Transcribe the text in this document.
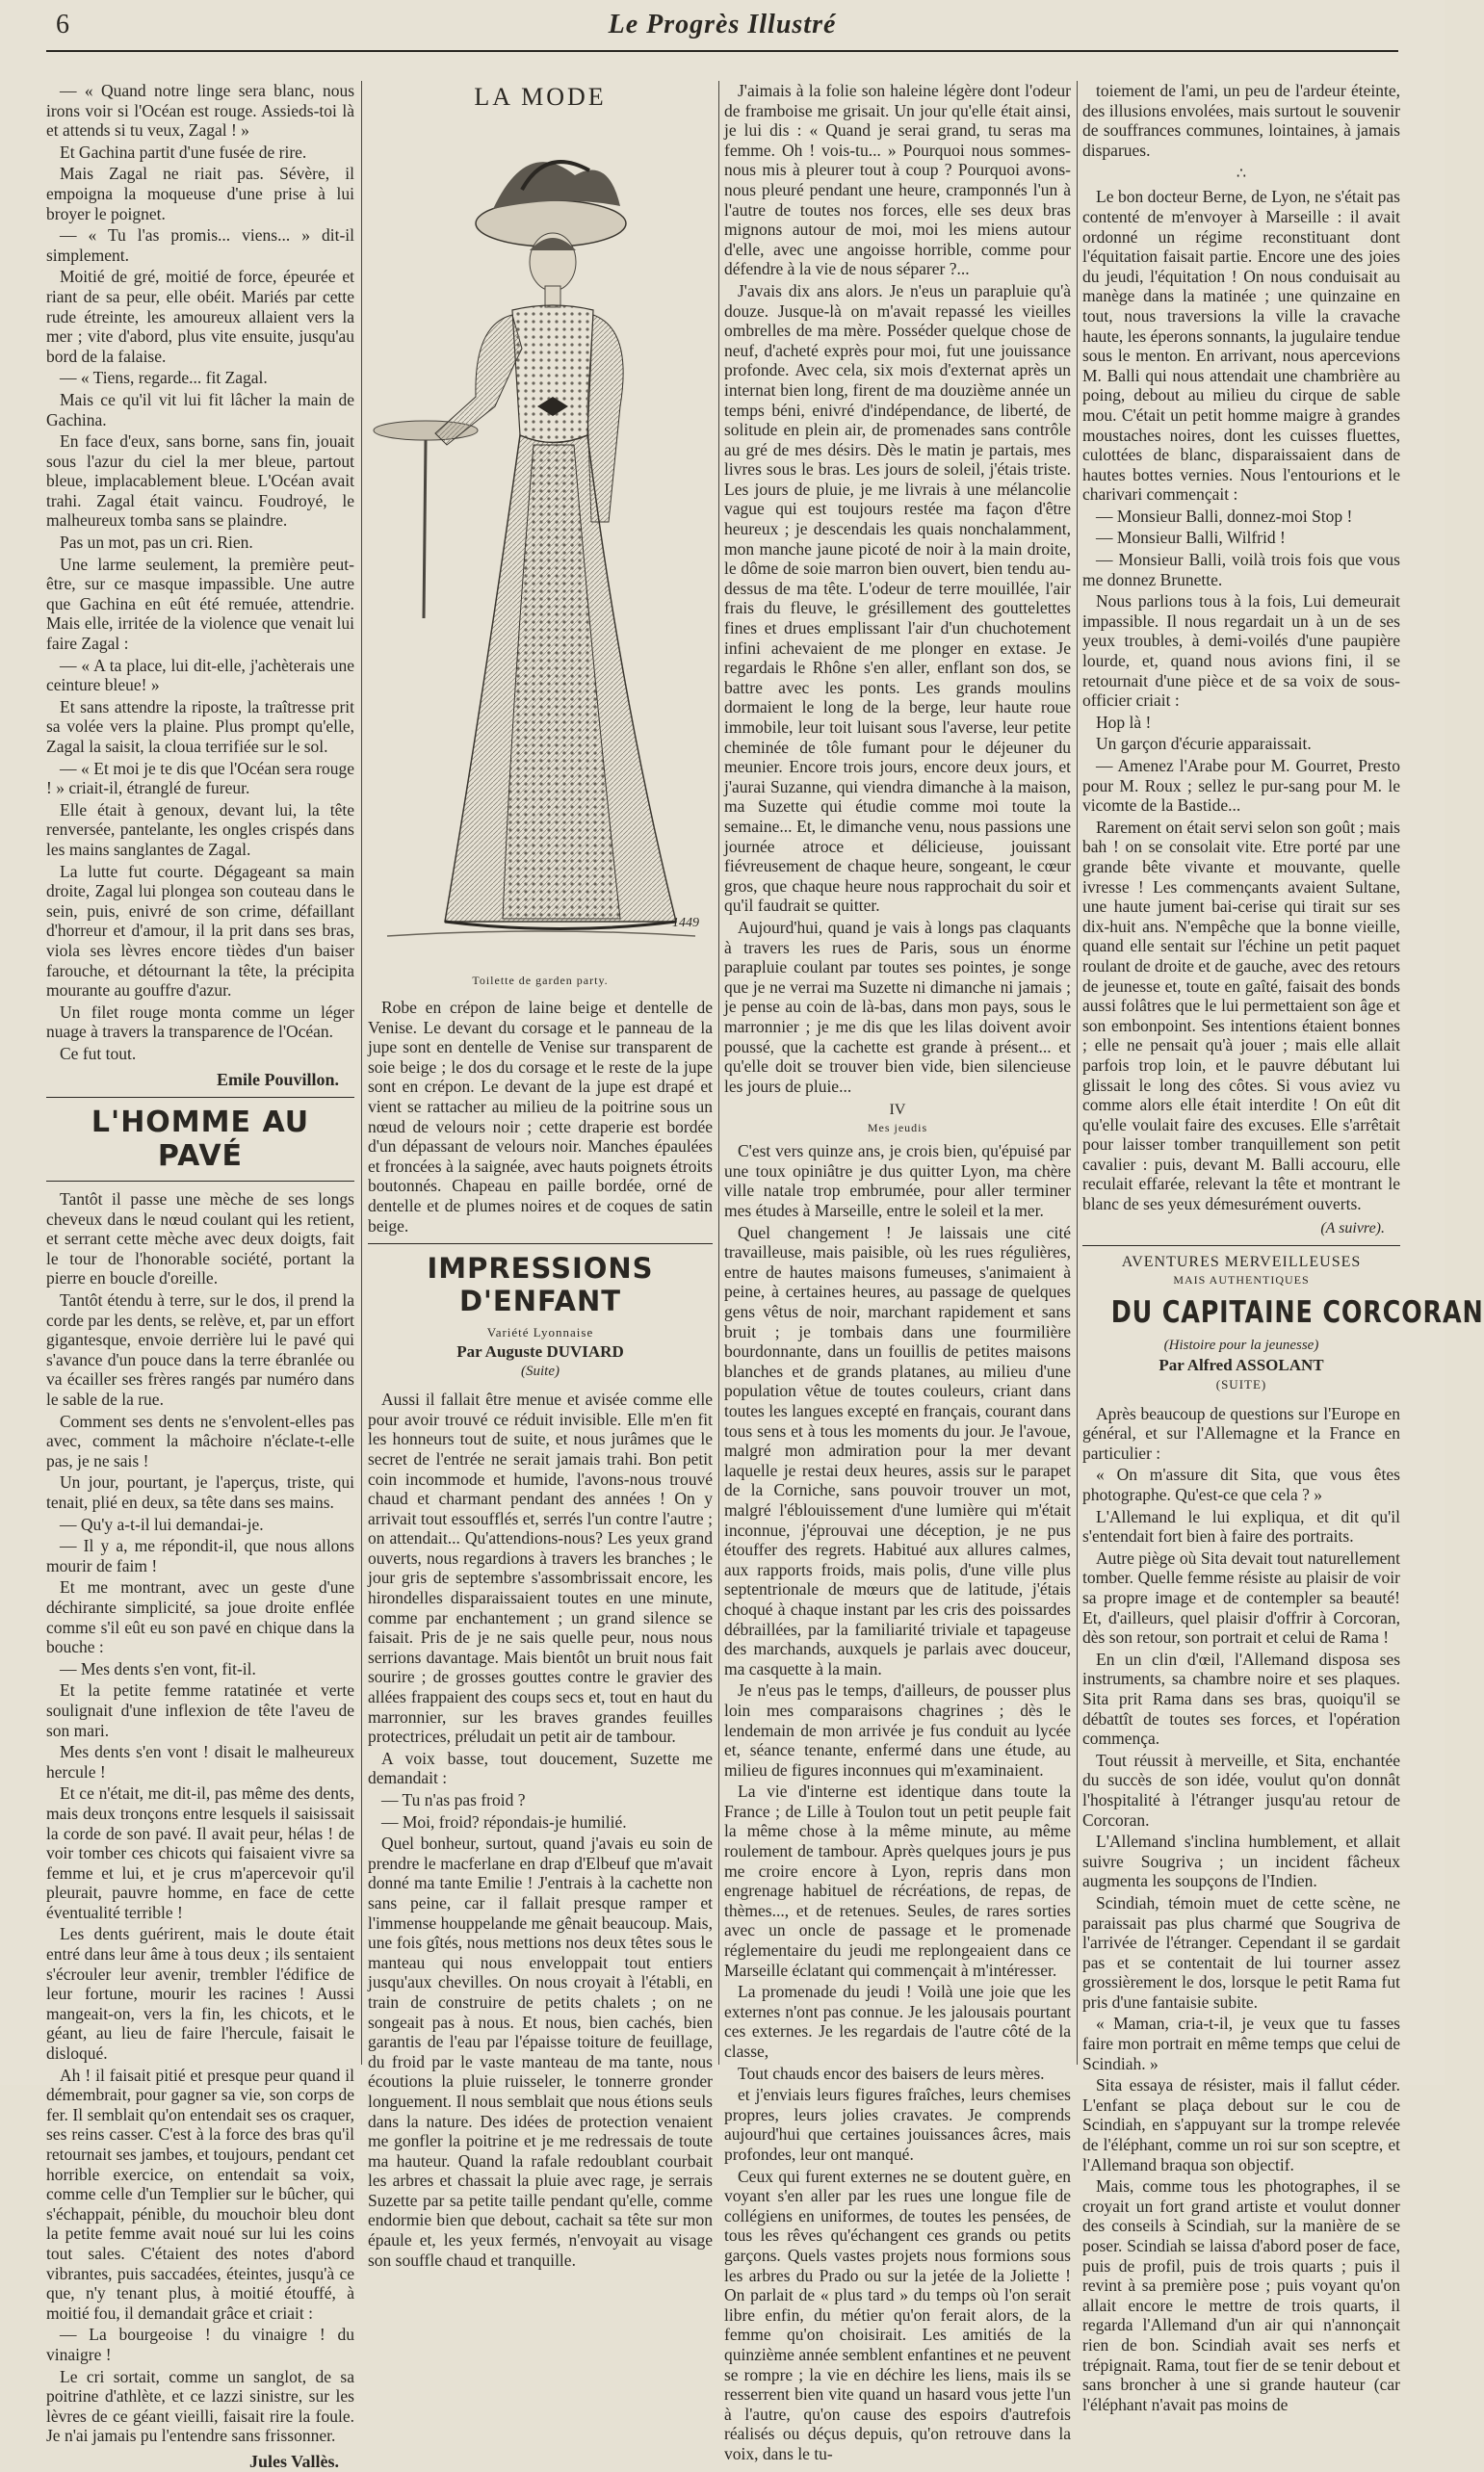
6	Le Progrès Illustré

— « Quand notre linge sera blanc, nous irons voir si l'Océan est rouge. Assieds-toi là et attends si tu veux, Zagal ! »

Et Gachina partit d'une fusée de rire.

Mais Zagal ne riait pas. Sévère, il empoigna la moqueuse d'une prise à lui broyer le poignet.

— « Tu l'as promis... viens... » dit-il simplement.

Moitié de gré, moitié de force, épeurée et riant de sa peur, elle obéit. Mariés par cette rude étreinte, les amoureux allaient vers la mer ; vite d'abord, plus vite ensuite, jusqu'au bord de la falaise.

— « Tiens, regarde... fit Zagal.

Mais ce qu'il vit lui fit lâcher la main de Gachina.

En face d'eux, sans borne, sans fin, jouait sous l'azur du ciel la mer bleue, partout bleue, implacablement bleue. L'Océan avait trahi. Zagal était vaincu. Foudroyé, le malheureux tomba sans se plaindre.

Pas un mot, pas un cri. Rien.

Une larme seulement, la première peut-être, sur ce masque impassible. Une autre que Gachina en eût été remuée, attendrie. Mais elle, irritée de la violence que venait lui faire Zagal :

— « A ta place, lui dit-elle, j'achèterais une ceinture bleue! »

Et sans attendre la riposte, la traîtresse prit sa volée vers la plaine. Plus prompt qu'elle, Zagal la saisit, la cloua terrifiée sur le sol.

— « Et moi je te dis que l'Océan sera rouge ! » criait-il, étranglé de fureur.

Elle était à genoux, devant lui, la tête renversée, pantelante, les ongles crispés dans les mains sanglantes de Zagal.

La lutte fut courte. Dégageant sa main droite, Zagal lui plongea son couteau dans le sein, puis, enivré de son crime, défaillant d'horreur et d'amour, il la prit dans ses bras, viola ses lèvres encore tièdes d'un baiser farouche, et détournant la tête, la précipita mourante au gouffre d'azur.

Un filet rouge monta comme un léger nuage à travers la transparence de l'Océan.

Ce fut tout.

Emile Pouvillon.

L'HOMME AU PAVÉ

Tantôt il passe une mèche de ses longs cheveux dans le nœud coulant qui les retient, et serrant cette mèche avec deux doigts, fait le tour de l'honorable société, portant la pierre en boucle d'oreille.

Tantôt étendu à terre, sur le dos, il prend la corde par les dents, se relève, et, par un effort gigantesque, envoie derrière lui le pavé qui s'avance d'un pouce dans la terre ébranlée ou va écailler ses frères rangés par numéro dans le sable de la rue.

Comment ses dents ne s'envolent-elles pas avec, comment la mâchoire n'éclate-t-elle pas, je ne sais !

Un jour, pourtant, je l'aperçus, triste, qui tenait, plié en deux, sa tête dans ses mains.

— Qu'y a-t-il lui demandai-je.

— Il y a, me répondit-il, que nous allons mourir de faim !

Et me montrant, avec un geste d'une déchirante simplicité, sa joue droite enflée comme s'il eût eu son pavé en chique dans la bouche :

— Mes dents s'en vont, fit-il.

Et la petite femme ratatinée et verte soulignait d'une inflexion de tête l'aveu de son mari.

Mes dents s'en vont ! disait le malheureux hercule !

Et ce n'était, me dit-il, pas même des dents, mais deux tronçons entre lesquels il saisissait la corde de son pavé. Il avait peur, hélas ! de voir tomber ces chicots qui faisaient vivre sa femme et lui, et je crus m'apercevoir qu'il pleurait, pauvre homme, en face de cette éventualité terrible !

Les dents guérirent, mais le doute était entré dans leur âme à tous deux ; ils sentaient s'écrouler leur avenir, trembler l'édifice de leur fortune, mourir les racines ! Aussi mangeait-on, vers la fin, les chicots, et le géant, au lieu de faire l'hercule, faisait le disloqué.

Ah ! il faisait pitié et presque peur quand il démembrait, pour gagner sa vie, son corps de fer. Il semblait qu'on entendait ses os craquer, ses reins casser. C'est à la force des bras qu'il retournait ses jambes, et toujours, pendant cet horrible exercice, on entendait sa voix, comme celle d'un Templier sur le bûcher, qui s'échappait, pénible, du mouchoir bleu dont la petite femme avait noué sur lui les coins tout sales. C'étaient des notes d'abord vibrantes, puis saccadées, éteintes, jusqu'à ce que, n'y tenant plus, à moitié étouffé, à moitié fou, il demandait grâce et criait :

— La bourgeoise ! du vinaigre ! du vinaigre !

Le cri sortait, comme un sanglot, de sa poitrine d'athlète, et ce lazzi sinistre, sur les lèvres de ce géant vieilli, faisait rire la foule. Je n'ai jamais pu l'entendre sans frissonner.

Jules Vallès.

LA MODE
1449
Toilette de garden party.

Robe en crépon de laine beige et dentelle de Venise. Le devant du corsage et le panneau de la jupe sont en dentelle de Venise sur transparent de soie beige ; le dos du corsage et le reste de la jupe sont en crépon. Le devant de la jupe est drapé et vient se rattacher au milieu de la poitrine sous un nœud de velours noir ; cette draperie est bordée d'un dépassant de velours noir. Manches épaulées et froncées à la saignée, avec hauts poignets étroits boutonnés. Chapeau en paille bordée, orné de dentelle et de plumes noires et de coques de satin beige.

IMPRESSIONS D'ENFANT
Variété Lyonnaise
Par Auguste DUVIARD
(Suite)

Aussi il fallait être menue et avisée comme elle pour avoir trouvé ce réduit invisible. Elle m'en fit les honneurs tout de suite, et nous jurâmes que le secret de l'entrée ne serait jamais trahi. Bon petit coin incommode et humide, l'avons-nous trouvé chaud et charmant pendant des années ! On y arrivait tout essoufflés et, serrés l'un contre l'autre ; on attendait... Qu'attendions-nous? Les yeux grand ouverts, nous regardions à travers les branches ; le jour gris de septembre s'assombrissait encore, les hirondelles disparaissaient toutes en une minute, comme par enchantement ; un grand silence se faisait. Pris de je ne sais quelle peur, nous nous serrions davantage. Mais bientôt un bruit nous fait sourire ; de grosses gouttes contre le gravier des allées frappaient des coups secs et, tout en haut du marronnier, sur les braves grandes feuilles protectrices, préludait un petit air de tambour.

A voix basse, tout doucement, Suzette me demandait :

— Tu n'as pas froid ?

— Moi, froid? répondais-je humilié.

Quel bonheur, surtout, quand j'avais eu soin de prendre le macferlane en drap d'Elbeuf que m'avait donné ma tante Emilie ! J'entrais à la cachette non sans peine, car il fallait presque ramper et l'immense houppelande me gênait beaucoup. Mais, une fois gîtés, nous mettions nos deux têtes sous le manteau qui nous enveloppait tout entiers jusqu'aux chevilles. On nous croyait à l'établi, en train de construire de petits chalets ; on ne songeait pas à nous. Et nous, bien cachés, bien garantis de l'eau par l'épaisse toiture de feuillage, du froid par le vaste manteau de ma tante, nous écoutions la pluie ruisseler, le tonnerre gronder longuement. Il nous semblait que nous étions seuls dans la nature. Des idées de protection venaient me gonfler la poitrine et je me redressais de toute ma hauteur. Quand la rafale redoublant courbait les arbres et chassait la pluie avec rage, je serrais Suzette par sa petite taille pendant qu'elle, comme endormie bien que debout, cachait sa tête sur mon épaule et, les yeux fermés, n'envoyait au visage son souffle chaud et tranquille.

J'aimais à la folie son haleine légère dont l'odeur de framboise me grisait. Un jour qu'elle était ainsi, je lui dis : « Quand je serai grand, tu seras ma femme. Oh ! vois-tu... » Pourquoi nous sommes-nous mis à pleurer tout à coup ? Pourquoi avons-nous pleuré pendant une heure, cramponnés l'un à l'autre de toutes nos forces, elle ses deux bras mignons autour de moi, moi les miens autour d'elle, avec une angoisse horrible, comme pour défendre à la vie de nous séparer ?...

J'avais dix ans alors. Je n'eus un parapluie qu'à douze. Jusque-là on m'avait repassé les vieilles ombrelles de ma mère. Posséder quelque chose de neuf, d'acheté exprès pour moi, fut une jouissance profonde. Avec cela, six mois d'externat après un internat bien long, firent de ma douzième année un temps béni, enivré d'indépendance, de liberté, de solitude en plein air, de promenades sans contrôle au gré de mes désirs. Dès le matin je partais, mes livres sous le bras. Les jours de soleil, j'étais triste. Les jours de pluie, je me livrais à une mélancolie vague qui est toujours restée ma façon d'être heureux ; je descendais les quais nonchalamment, mon manche jaune picoté de noir à la main droite, le dôme de soie marron bien ouvert, bien tendu au-dessus de ma tête. L'odeur de terre mouillée, l'air frais du fleuve, le grésillement des gouttelettes fines et drues emplissant l'air d'un chuchotement infini achevaient de me plonger en extase. Je regardais le Rhône s'en aller, enflant son dos, se battre avec les ponts. Les grands moulins dormaient le long de la berge, leur haute roue immobile, leur toit luisant sous l'averse, leur petite cheminée de tôle fumant pour le déjeuner du meunier. Encore trois jours, encore deux jours, et j'aurai Suzanne, qui viendra dimanche à la maison, ma Suzette qui étudie comme moi toute la semaine... Et, le dimanche venu, nous passions une journée atroce et délicieuse, jouissant fiévreusement de chaque heure, songeant, le cœur gros, que chaque heure nous rapprochait du soir et qu'il faudrait se quitter.

Aujourd'hui, quand je vais à longs pas claquants à travers les rues de Paris, sous un énorme parapluie coulant par toutes ses pointes, je songe que je ne verrai ma Suzette ni dimanche ni jamais ; je pense au coin de là-bas, dans mon pays, sous le marronnier ; je me dis que les lilas doivent avoir poussé, que la cachette est grande à présent... et qu'elle doit se trouver bien vide, bien silencieuse les jours de pluie...

IV
Mes jeudis

C'est vers quinze ans, je crois bien, qu'épuisé par une toux opiniâtre je dus quitter Lyon, ma chère ville natale trop embrumée, pour aller terminer mes études à Marseille, entre le soleil et la mer.

Quel changement ! Je laissais une cité travailleuse, mais paisible, où les rues régulières, entre de hautes maisons fumeuses, s'animaient à peine, à certaines heures, au passage de quelques gens vêtus de noir, marchant rapidement et sans bruit ; je tombais dans une fourmilière bourdonnante, dans un fouillis de petites maisons blanches et de grands platanes, au milieu d'une population vêtue de toutes couleurs, criant dans toutes les langues excepté en français, courant dans tous sens et à tous les moments du jour. Je l'avoue, malgré mon admiration pour la mer devant laquelle je restai deux heures, assis sur le parapet de la Corniche, sans pouvoir trouver un mot, malgré l'éblouissement d'une lumière qui m'était inconnue, j'éprouvai une déception, je ne pus étouffer des regrets. Habitué aux allures calmes, aux rapports froids, mais polis, d'une ville plus septentrionale de mœurs que de latitude, j'étais choqué à chaque instant par les cris des poissardes débraillées, par la familiarité triviale et tapageuse des marchands, auxquels je parlais avec douceur, ma casquette à la main.

Je n'eus pas le temps, d'ailleurs, de pousser plus loin mes comparaisons chagrines ; dès le lendemain de mon arrivée je fus conduit au lycée et, séance tenante, enfermé dans une étude, au milieu de figures inconnues qui m'examinaient.

La vie d'interne est identique dans toute la France ; de Lille à Toulon tout un petit peuple fait la même chose à la même minute, au même roulement de tambour. Après quelques jours je pus me croire encore à Lyon, repris dans mon engrenage habituel de récréations, de repas, de thèmes..., et de retenues. Seules, de rares sorties avec un oncle de passage et le promenade réglementaire du jeudi me replongeaient dans ce Marseille éclatant qui commençait à m'intéresser.

La promenade du jeudi ! Voilà une joie que les externes n'ont pas connue. Je les jalousais pourtant ces externes. Je les regardais de l'autre côté de la classe,

Tout chauds encor des baisers de leurs mères.

et j'enviais leurs figures fraîches, leurs chemises propres, leurs jolies cravates. Je comprends aujourd'hui que certaines jouissances âcres, mais profondes, leur ont manqué.

Ceux qui furent externes ne se doutent guère, en voyant s'en aller par les rues une longue file de collégiens en uniformes, de toutes les pensées, de tous les rêves qu'échangent ces grands ou petits garçons. Quels vastes projets nous formions sous les arbres du Prado ou sur la jetée de la Joliette ! On parlait de « plus tard » du temps où l'on serait libre enfin, du métier qu'on ferait alors, de la femme qu'on choisirait. Les amitiés de la quinzième année semblent enfantines et ne peuvent se rompre ; la vie en déchire les liens, mais ils se resserrent bien vite quand un hasard vous jette l'un à l'autre, qu'on cause des espoirs d'autrefois réalisés ou déçus depuis, qu'on retrouve dans la voix, dans le tu-

toiement de l'ami, un peu de l'ardeur éteinte, des illusions envolées, mais surtout le souvenir de souffrances communes, lointaines, à jamais disparues.

∴

Le bon docteur Berne, de Lyon, ne s'était pas contenté de m'envoyer à Marseille : il avait ordonné un régime reconstituant dont l'équitation faisait partie. Encore une des joies du jeudi, l'équitation ! On nous conduisait au manège dans la matinée ; une quinzaine en tout, nous traversions la ville la cravache haute, les éperons sonnants, la jugulaire tendue sous le menton. En arrivant, nous apercevions M. Balli qui nous attendait une chambrière au poing, debout au milieu du cirque de sable mou. C'était un petit homme maigre à grandes moustaches noires, dont les cuisses fluettes, culottées de blanc, disparaissaient dans de hautes bottes vernies. Nous l'entourions et le charivari commençait :

— Monsieur Balli, donnez-moi Stop !

— Monsieur Balli, Wilfrid !

— Monsieur Balli, voilà trois fois que vous me donnez Brunette.

Nous parlions tous à la fois, Lui demeurait impassible. Il nous regardait un à un de ses yeux troubles, à demi-voilés d'une paupière lourde, et, quand nous avions fini, il se retournait d'une pièce et de sa voix de sous-officier criait :

Hop là !

Un garçon d'écurie apparaissait.

— Amenez l'Arabe pour M. Gourret, Presto pour M. Roux ; sellez le pur-sang pour M. le vicomte de la Bastide...

Rarement on était servi selon son goût ; mais bah ! on se consolait vite. Etre porté par une grande bête vivante et mouvante, quelle ivresse ! Les commençants avaient Sultane, une haute jument bai-cerise qui tirait sur ses dix-huit ans. N'empêche que la bonne vieille, quand elle sentait sur l'échine un petit paquet roulant de droite et de gauche, avec des retours de jeunesse et, toute en gaîté, faisait des bonds aussi folâtres que le lui permettaient son âge et son embonpoint. Ses intentions étaient bonnes ; elle ne pensait qu'à jouer ; mais elle allait parfois trop loin, et le pauvre débutant lui glissait le long des côtes. Si vous aviez vu comme alors elle était interdite ! On eût dit qu'elle voulait faire des excuses. Elle s'arrêtait pour laisser tomber tranquillement son petit cavalier : puis, devant M. Balli accouru, elle reculait effarée, relevant la tête et montrant le blanc de ses yeux démesurément ouverts.

(A suivre).
AVENTURES MERVEILLEUSES
MAIS AUTHENTIQUES
DU CAPITAINE CORCORAN
(Histoire pour la jeunesse)
Par Alfred ASSOLANT
(SUITE)

Après beaucoup de questions sur l'Europe en général, et sur l'Allemagne et la France en particulier :

« On m'assure dit Sita, que vous êtes photographe. Qu'est-ce que cela ? »

L'Allemand le lui expliqua, et dit qu'il s'entendait fort bien à faire des portraits.

Autre piège où Sita devait tout naturellement tomber. Quelle femme résiste au plaisir de voir sa propre image et de contempler sa beauté! Et, d'ailleurs, quel plaisir d'offrir à Corcoran, dès son retour, son portrait et celui de Rama !

En un clin d'œil, l'Allemand disposa ses instruments, sa chambre noire et ses plaques. Sita prit Rama dans ses bras, quoiqu'il se débattît de toutes ses forces, et l'opération commença.

Tout réussit à merveille, et Sita, enchantée du succès de son idée, voulut qu'on donnât l'hospitalité à l'étranger jusqu'au retour de Corcoran.

L'Allemand s'inclina humblement, et allait suivre Sougriva ; un incident fâcheux augmenta les soupçons de l'Indien.

Scindiah, témoin muet de cette scène, ne paraissait pas plus charmé que Sougriva de l'arrivée de l'étranger. Cependant il se gardait pas et se contentait de lui tourner assez grossièrement le dos, lorsque le petit Rama fut pris d'une fantaisie subite.

« Maman, cria-t-il, je veux que tu fasses faire mon portrait en même temps que celui de Scindiah. »

Sita essaya de résister, mais il fallut céder. L'enfant se plaça debout sur le cou de Scindiah, en s'appuyant sur la trompe relevée de l'éléphant, comme un roi sur son sceptre, et l'Allemand braqua son objectif.

Mais, comme tous les photographes, il se croyait un fort grand artiste et voulut donner des conseils à Scindiah, sur la manière de se poser. Scindiah se laissa d'abord poser de face, puis de profil, puis de trois quarts ; puis il revint à sa première pose ; puis voyant qu'on allait encore le mettre de trois quarts, il regarda l'Allemand d'un air qui n'annonçait rien de bon. Scindiah avait ses nerfs et trépignait. Rama, tout fier de se tenir debout et sans broncher à une si grande hauteur (car l'éléphant n'avait pas moins de
